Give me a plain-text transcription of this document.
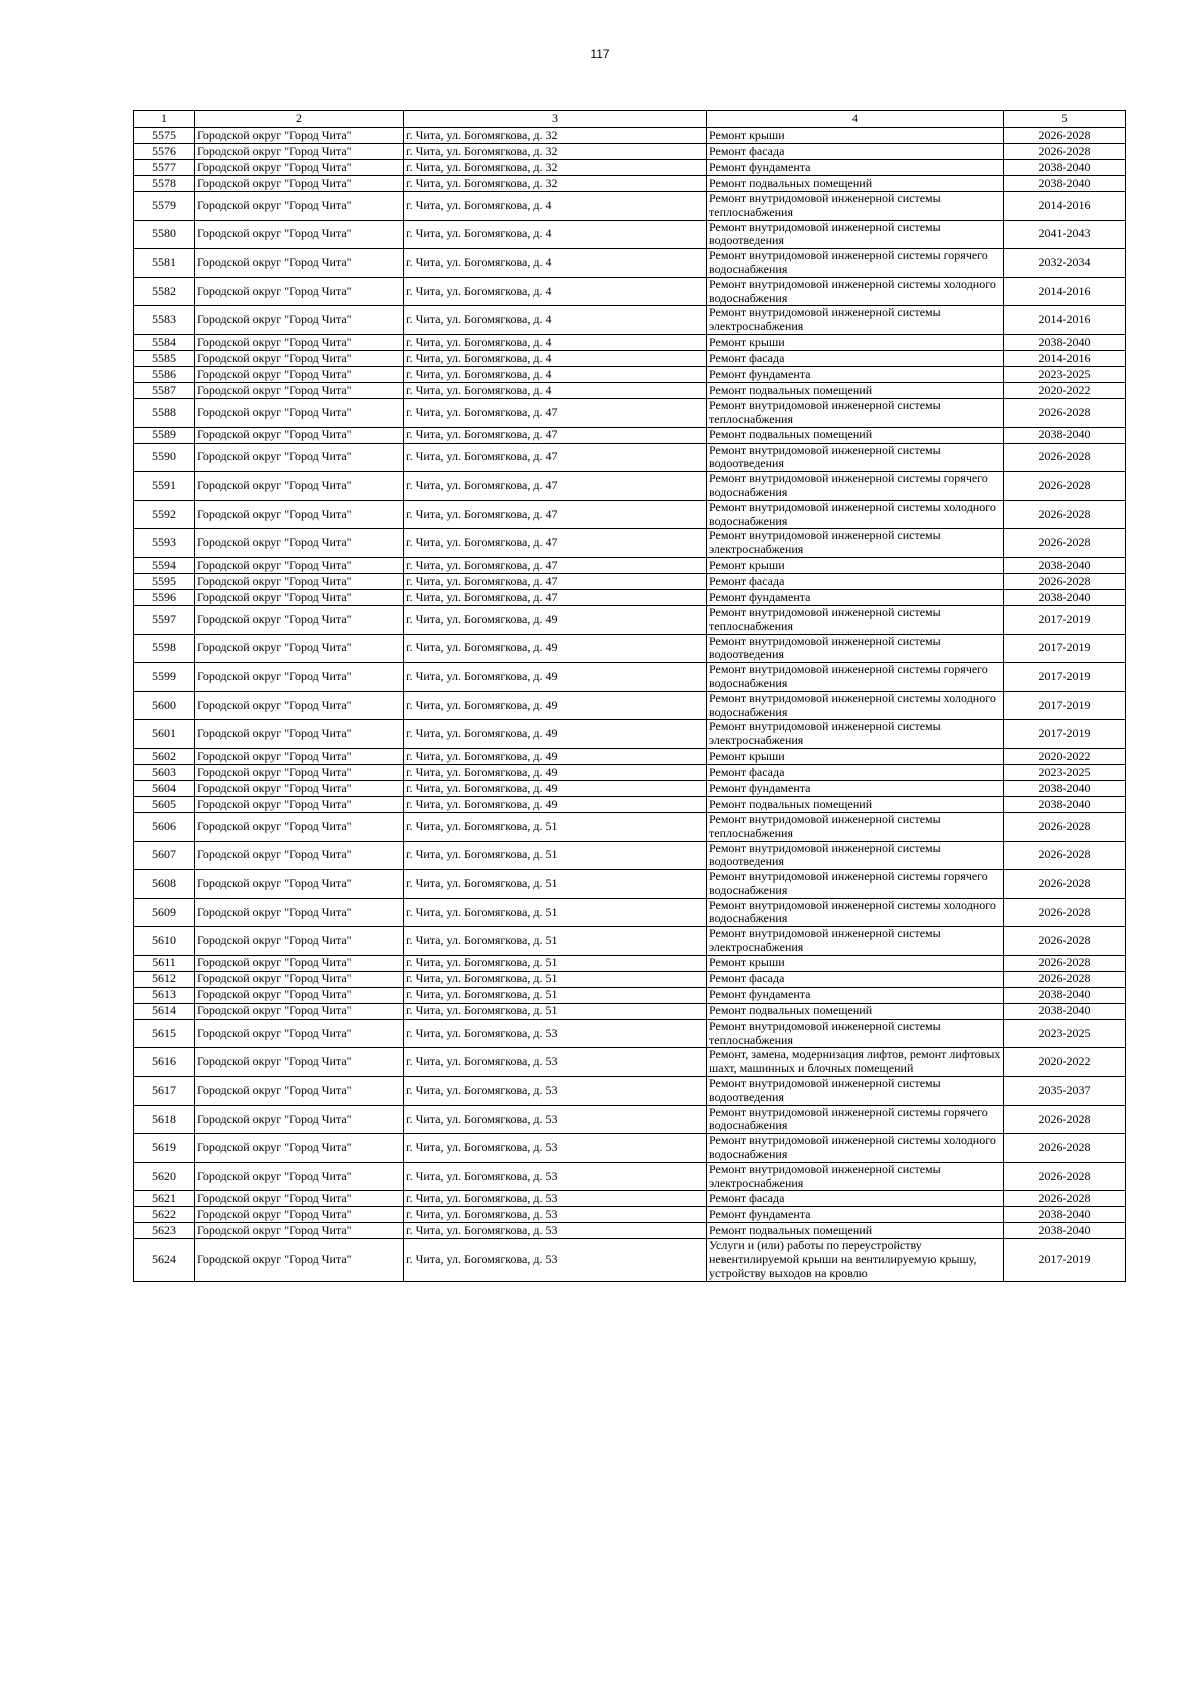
117
1	2	3	4	5
5575	Городской округ "Город Чита"	г. Чита, ул. Богомягкова, д. 32	Ремонт крыши	2026-2028
5576	Городской округ "Город Чита"	г. Чита, ул. Богомягкова, д. 32	Ремонт фасада	2026-2028
5577	Городской округ "Город Чита"	г. Чита, ул. Богомягкова, д. 32	Ремонт фундамента	2038-2040
5578	Городской округ "Город Чита"	г. Чита, ул. Богомягкова, д. 32	Ремонт подвальных помещений	2038-2040
5579	Городской округ "Город Чита"	г. Чита, ул. Богомягкова, д. 4	Ремонт внутридомовой инженерной системы теплоснабжения	2014-2016
5580	Городской округ "Город Чита"	г. Чита, ул. Богомягкова, д. 4	Ремонт внутридомовой инженерной системы водоотведения	2041-2043
5581	Городской округ "Город Чита"	г. Чита, ул. Богомягкова, д. 4	Ремонт внутридомовой инженерной системы горячего водоснабжения	2032-2034
5582	Городской округ "Город Чита"	г. Чита, ул. Богомягкова, д. 4	Ремонт внутридомовой инженерной системы холодного водоснабжения	2014-2016
5583	Городской округ "Город Чита"	г. Чита, ул. Богомягкова, д. 4	Ремонт внутридомовой инженерной системы электроснабжения	2014-2016
5584	Городской округ "Город Чита"	г. Чита, ул. Богомягкова, д. 4	Ремонт крыши	2038-2040
5585	Городской округ "Город Чита"	г. Чита, ул. Богомягкова, д. 4	Ремонт фасада	2014-2016
5586	Городской округ "Город Чита"	г. Чита, ул. Богомягкова, д. 4	Ремонт фундамента	2023-2025
5587	Городской округ "Город Чита"	г. Чита, ул. Богомягкова, д. 4	Ремонт подвальных помещений	2020-2022
5588	Городской округ "Город Чита"	г. Чита, ул. Богомягкова, д. 47	Ремонт внутридомовой инженерной системы теплоснабжения	2026-2028
5589	Городской округ "Город Чита"	г. Чита, ул. Богомягкова, д. 47	Ремонт подвальных помещений	2038-2040
5590	Городской округ "Город Чита"	г. Чита, ул. Богомягкова, д. 47	Ремонт внутридомовой инженерной системы водоотведения	2026-2028
5591	Городской округ "Город Чита"	г. Чита, ул. Богомягкова, д. 47	Ремонт внутридомовой инженерной системы горячего водоснабжения	2026-2028
5592	Городской округ "Город Чита"	г. Чита, ул. Богомягкова, д. 47	Ремонт внутридомовой инженерной системы холодного водоснабжения	2026-2028
5593	Городской округ "Город Чита"	г. Чита, ул. Богомягкова, д. 47	Ремонт внутридомовой инженерной системы электроснабжения	2026-2028
5594	Городской округ "Город Чита"	г. Чита, ул. Богомягкова, д. 47	Ремонт крыши	2038-2040
5595	Городской округ "Город Чита"	г. Чита, ул. Богомягкова, д. 47	Ремонт фасада	2026-2028
5596	Городской округ "Город Чита"	г. Чита, ул. Богомягкова, д. 47	Ремонт фундамента	2038-2040
5597	Городской округ "Город Чита"	г. Чита, ул. Богомягкова, д. 49	Ремонт внутридомовой инженерной системы теплоснабжения	2017-2019
5598	Городской округ "Город Чита"	г. Чита, ул. Богомягкова, д. 49	Ремонт внутридомовой инженерной системы водоотведения	2017-2019
5599	Городской округ "Город Чита"	г. Чита, ул. Богомягкова, д. 49	Ремонт внутридомовой инженерной системы горячего водоснабжения	2017-2019
5600	Городской округ "Город Чита"	г. Чита, ул. Богомягкова, д. 49	Ремонт внутридомовой инженерной системы холодного водоснабжения	2017-2019
5601	Городской округ "Город Чита"	г. Чита, ул. Богомягкова, д. 49	Ремонт внутридомовой инженерной системы электроснабжения	2017-2019
5602	Городской округ "Город Чита"	г. Чита, ул. Богомягкова, д. 49	Ремонт крыши	2020-2022
5603	Городской округ "Город Чита"	г. Чита, ул. Богомягкова, д. 49	Ремонт фасада	2023-2025
5604	Городской округ "Город Чита"	г. Чита, ул. Богомягкова, д. 49	Ремонт фундамента	2038-2040
5605	Городской округ "Город Чита"	г. Чита, ул. Богомягкова, д. 49	Ремонт подвальных помещений	2038-2040
5606	Городской округ "Город Чита"	г. Чита, ул. Богомягкова, д. 51	Ремонт внутридомовой инженерной системы теплоснабжения	2026-2028
5607	Городской округ "Город Чита"	г. Чита, ул. Богомягкова, д. 51	Ремонт внутридомовой инженерной системы водоотведения	2026-2028
5608	Городской округ "Город Чита"	г. Чита, ул. Богомягкова, д. 51	Ремонт внутридомовой инженерной системы горячего водоснабжения	2026-2028
5609	Городской округ "Город Чита"	г. Чита, ул. Богомягкова, д. 51	Ремонт внутридомовой инженерной системы холодного водоснабжения	2026-2028
5610	Городской округ "Город Чита"	г. Чита, ул. Богомягкова, д. 51	Ремонт внутридомовой инженерной системы электроснабжения	2026-2028
5611	Городской округ "Город Чита"	г. Чита, ул. Богомягкова, д. 51	Ремонт крыши	2026-2028
5612	Городской округ "Город Чита"	г. Чита, ул. Богомягкова, д. 51	Ремонт фасада	2026-2028
5613	Городской округ "Город Чита"	г. Чита, ул. Богомягкова, д. 51	Ремонт фундамента	2038-2040
5614	Городской округ "Город Чита"	г. Чита, ул. Богомягкова, д. 51	Ремонт подвальных помещений	2038-2040
5615	Городской округ "Город Чита"	г. Чита, ул. Богомягкова, д. 53	Ремонт внутридомовой инженерной системы теплоснабжения	2023-2025
5616	Городской округ "Город Чита"	г. Чита, ул. Богомягкова, д. 53	Ремонт, замена, модернизация лифтов, ремонт лифтовых шахт, машинных и блочных помещений	2020-2022
5617	Городской округ "Город Чита"	г. Чита, ул. Богомягкова, д. 53	Ремонт внутридомовой инженерной системы водоотведения	2035-2037
5618	Городской округ "Город Чита"	г. Чита, ул. Богомягкова, д. 53	Ремонт внутридомовой инженерной системы горячего водоснабжения	2026-2028
5619	Городской округ "Город Чита"	г. Чита, ул. Богомягкова, д. 53	Ремонт внутридомовой инженерной системы холодного водоснабжения	2026-2028
5620	Городской округ "Город Чита"	г. Чита, ул. Богомягкова, д. 53	Ремонт внутридомовой инженерной системы электроснабжения	2026-2028
5621	Городской округ "Город Чита"	г. Чита, ул. Богомягкова, д. 53	Ремонт фасада	2026-2028
5622	Городской округ "Город Чита"	г. Чита, ул. Богомягкова, д. 53	Ремонт фундамента	2038-2040
5623	Городской округ "Город Чита"	г. Чита, ул. Богомягкова, д. 53	Ремонт подвальных помещений	2038-2040
5624	Городской округ "Город Чита"	г. Чита, ул. Богомягкова, д. 53	Услуги и (или) работы по переустройству невентилируемой крыши на вентилируемую крышу, устройству выходов на кровлю	2017-2019
